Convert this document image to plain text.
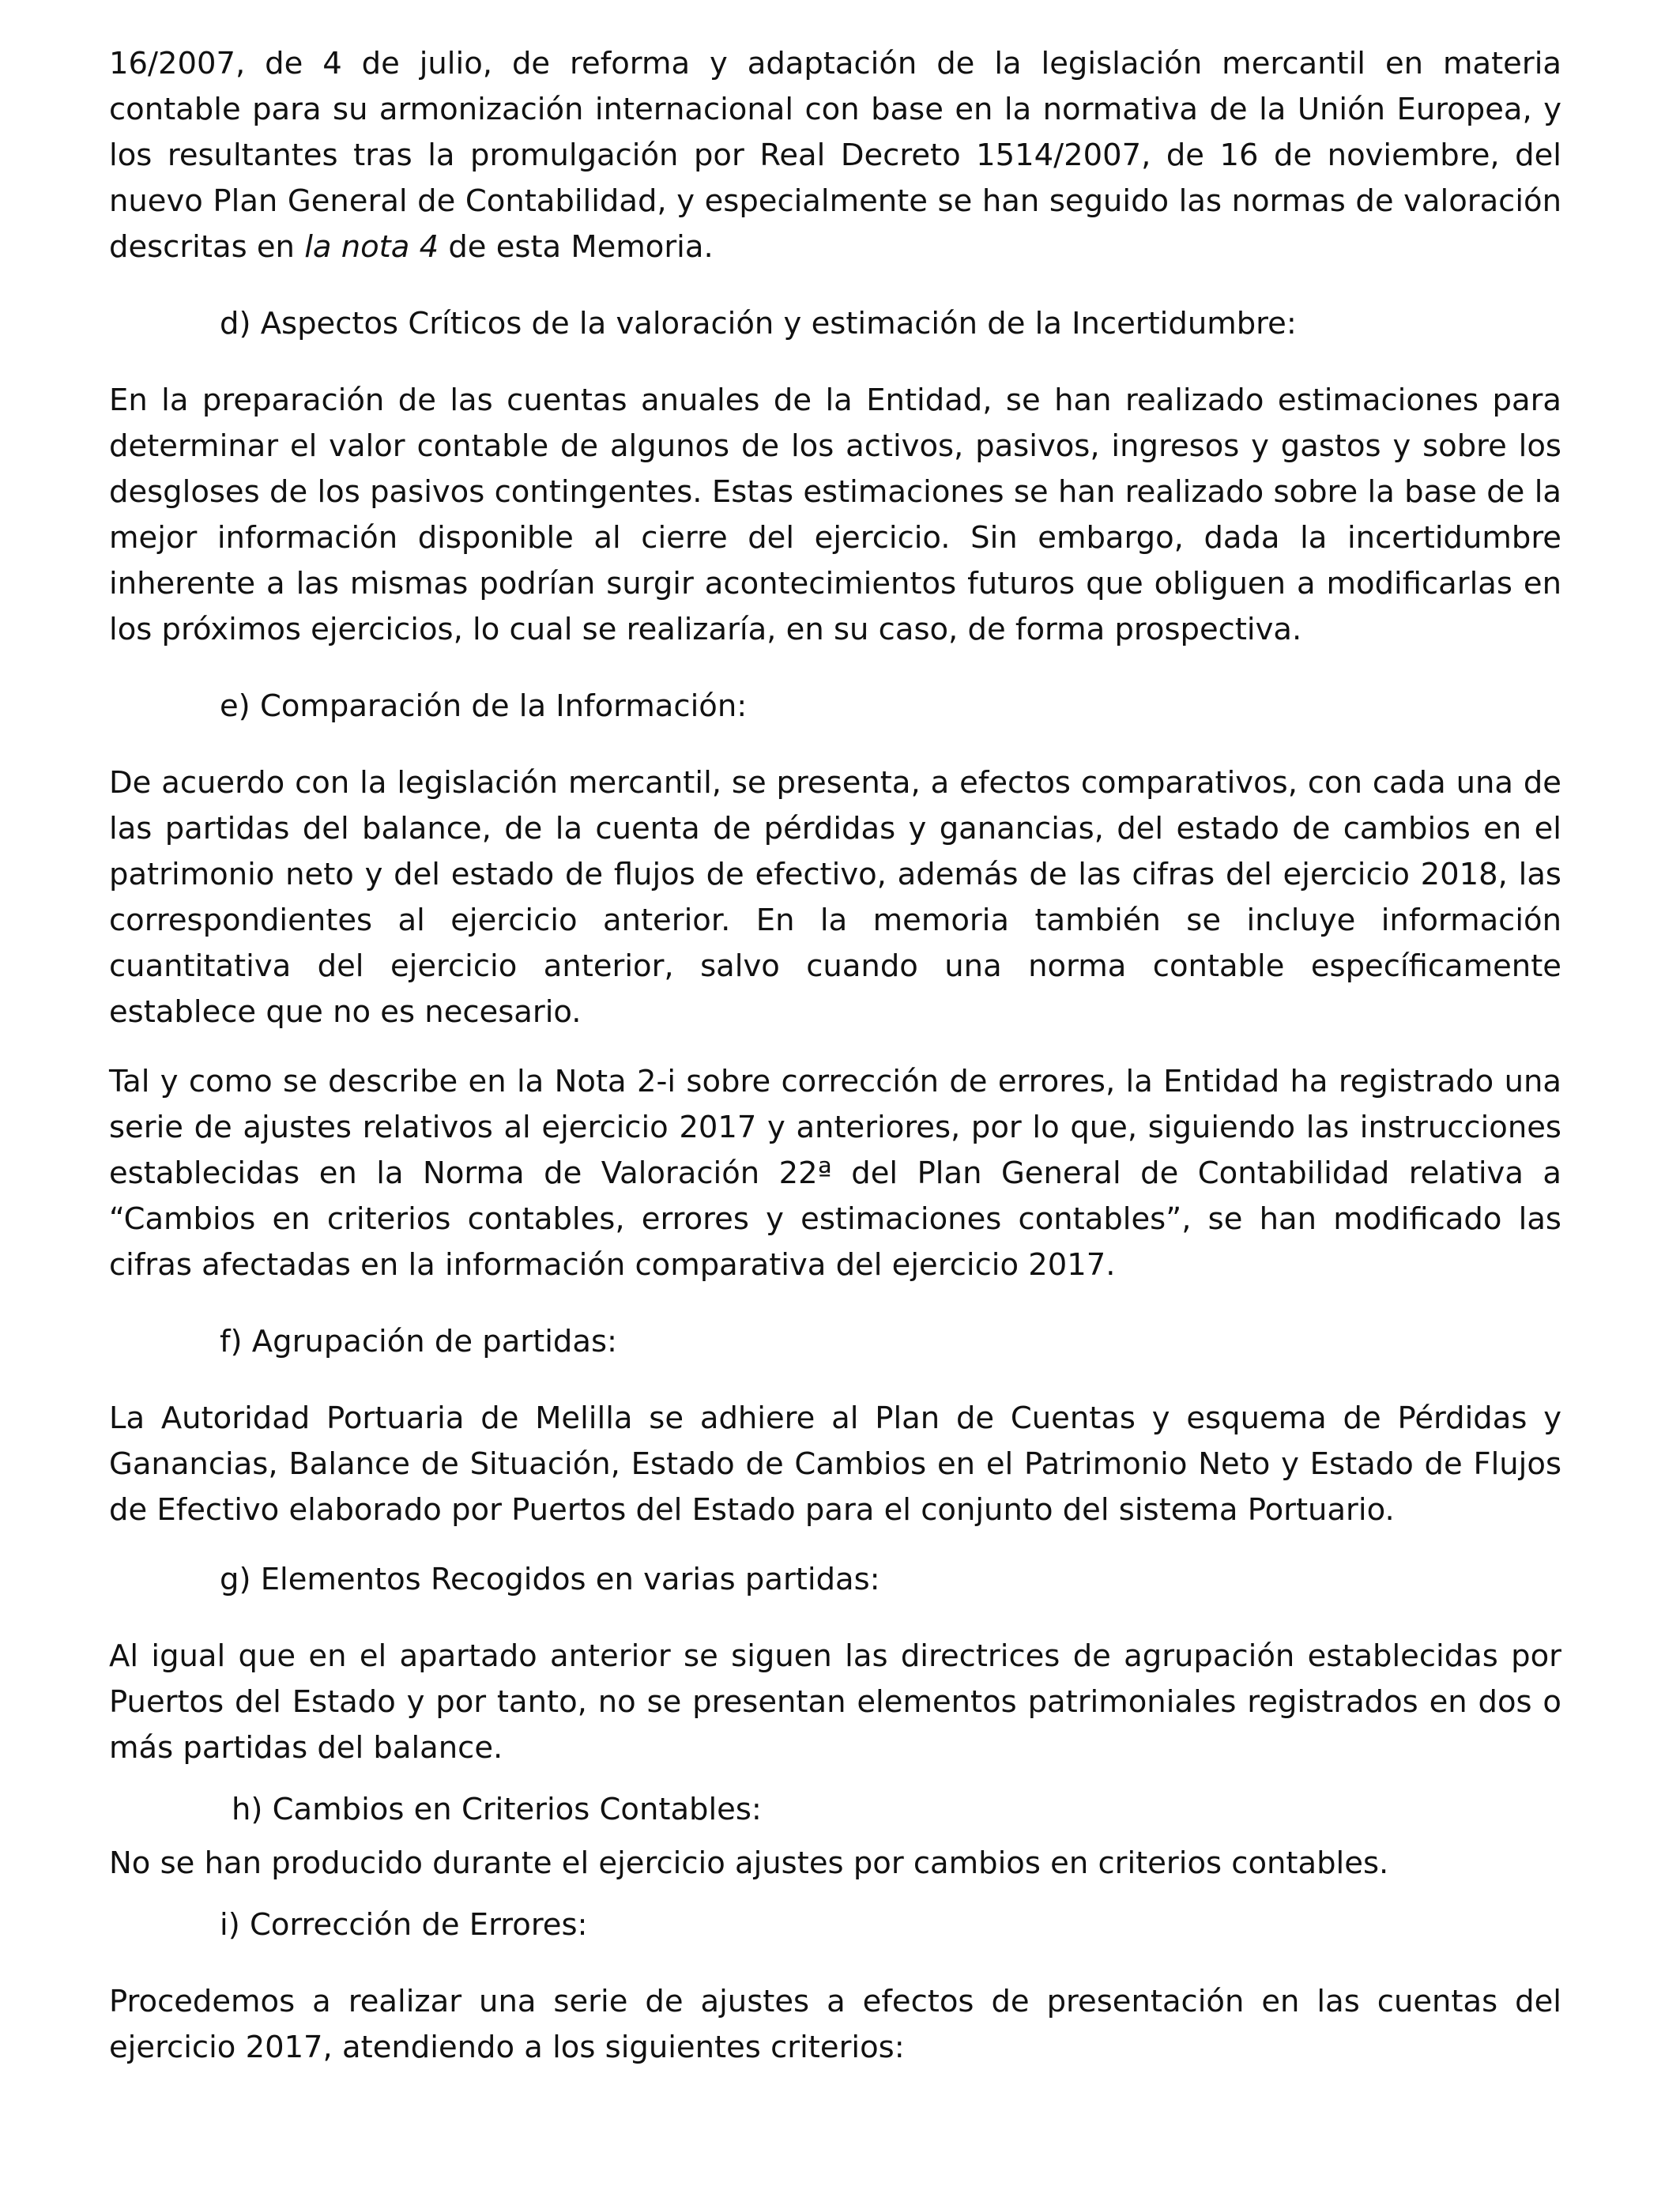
16/2007, de 4 de julio, de reforma y adaptación de la legislación mercantil en materia contable para su armonización internacional con base en la normativa de la Unión Europea, y los resultantes tras la promulgación por Real Decreto 1514/2007, de 16 de noviembre, del nuevo Plan General de Contabilidad, y especialmente se han seguido las normas de valoración descritas en la nota 4 de esta Memoria.

d) Aspectos Críticos de la valoración y estimación de la Incertidumbre:

En la preparación de las cuentas anuales de la Entidad, se han realizado estimaciones para determinar el valor contable de algunos de los activos, pasivos, ingresos y gastos y sobre los desgloses de los pasivos contingentes. Estas estimaciones se han realizado sobre la base de la mejor información disponible al cierre del ejercicio. Sin embargo, dada la incertidumbre inherente a las mismas podrían surgir acontecimientos futuros que obliguen a modificarlas en los próximos ejercicios, lo cual se realizaría, en su caso, de forma prospectiva.

e) Comparación de la Información:

De acuerdo con la legislación mercantil, se presenta, a efectos comparativos, con cada una de las partidas del balance, de la cuenta de pérdidas y ganancias, del estado de cambios en el patrimonio neto y del estado de flujos de efectivo, además de las cifras del ejercicio 2018, las correspondientes al ejercicio anterior. En la memoria también se incluye información cuantitativa del ejercicio anterior, salvo cuando una norma contable específicamente establece que no es necesario.

Tal y como se describe en la Nota 2-i sobre corrección de errores, la Entidad ha registrado una serie de ajustes relativos al ejercicio 2017 y anteriores, por lo que, siguiendo las instrucciones establecidas en la Norma de Valoración 22ª del Plan General de Contabilidad relativa a “Cambios en criterios contables, errores y estimaciones contables”, se han modificado las cifras afectadas en la información comparativa del ejercicio 2017.

f) Agrupación de partidas:

La Autoridad Portuaria de Melilla se adhiere al Plan de Cuentas y esquema de Pérdidas y Ganancias, Balance de Situación, Estado de Cambios en el Patrimonio Neto y Estado de Flujos de Efectivo elaborado por Puertos del Estado para el conjunto del sistema Portuario.

g) Elementos Recogidos en varias partidas:

Al igual que en el apartado anterior se siguen las directrices de agrupación establecidas por Puertos del Estado y por tanto, no se presentan elementos patrimoniales registrados en dos o más partidas del balance.

h) Cambios en Criterios Contables:

No se han producido durante el ejercicio ajustes por cambios en criterios contables.

i) Corrección de Errores:

Procedemos a realizar una serie de ajustes a efectos de presentación en las cuentas del ejercicio 2017, atendiendo a los siguientes criterios:
